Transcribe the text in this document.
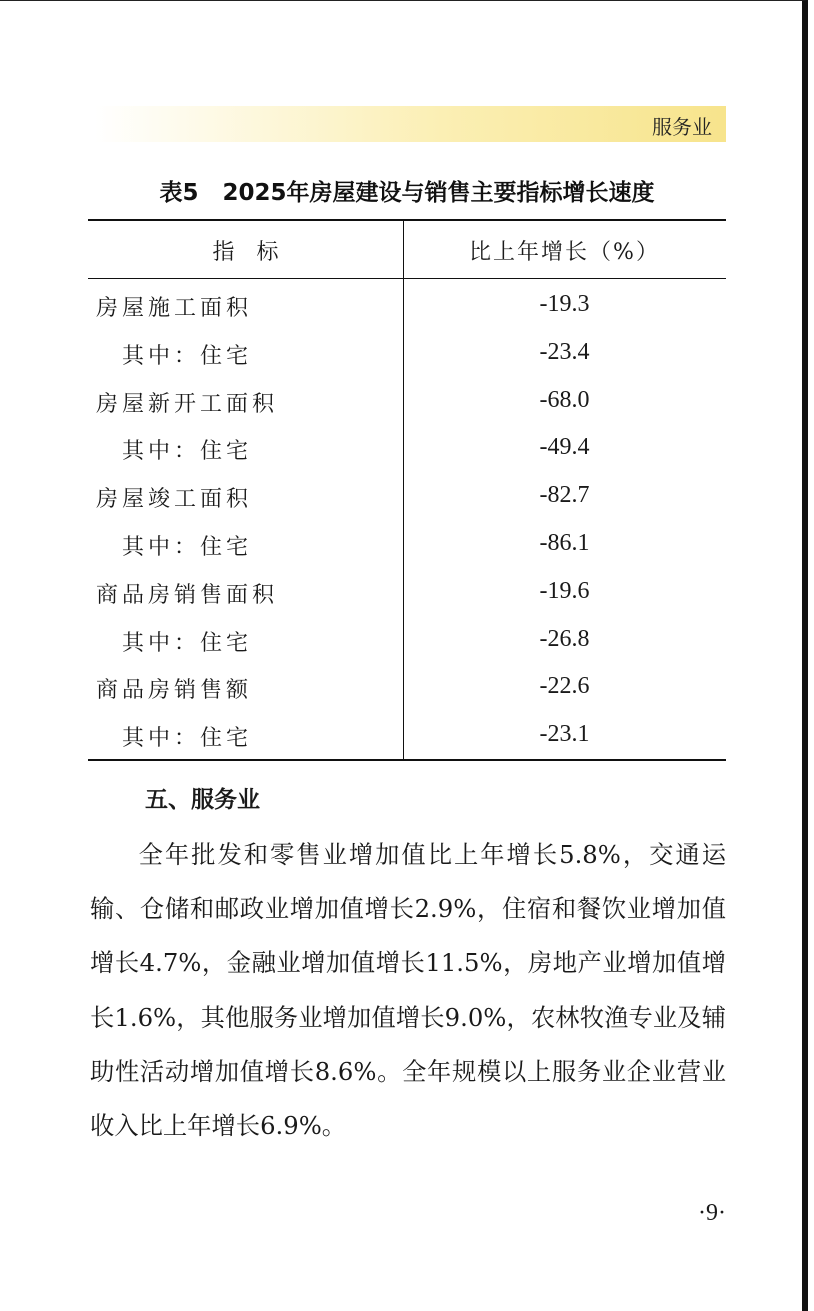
服务业
表5 2025年房屋建设与销售主要指标增长速度
指标	比上年增长（%）
房屋施工面积	-19.3
其中：住宅	-23.4
房屋新开工面积	-68.0
其中：住宅	-49.4
房屋竣工面积	-82.7
其中：住宅	-86.1
商品房销售面积	-19.6
其中：住宅	-26.8
商品房销售额	-22.6
其中：住宅	-23.1
五、服务业

全年批发和零售业增加值比上年增长5.8%，交通运输、仓储和邮政业增加值增长2.9%，住宿和餐饮业增加值增长4.7%，金融业增加值增长11.5%，房地产业增加值增长1.6%，其他服务业增加值增长9.0%，农林牧渔专业及辅助性活动增加值增长8.6%。全年规模以上服务业企业营业收入比上年增长6.9%。

·9·
